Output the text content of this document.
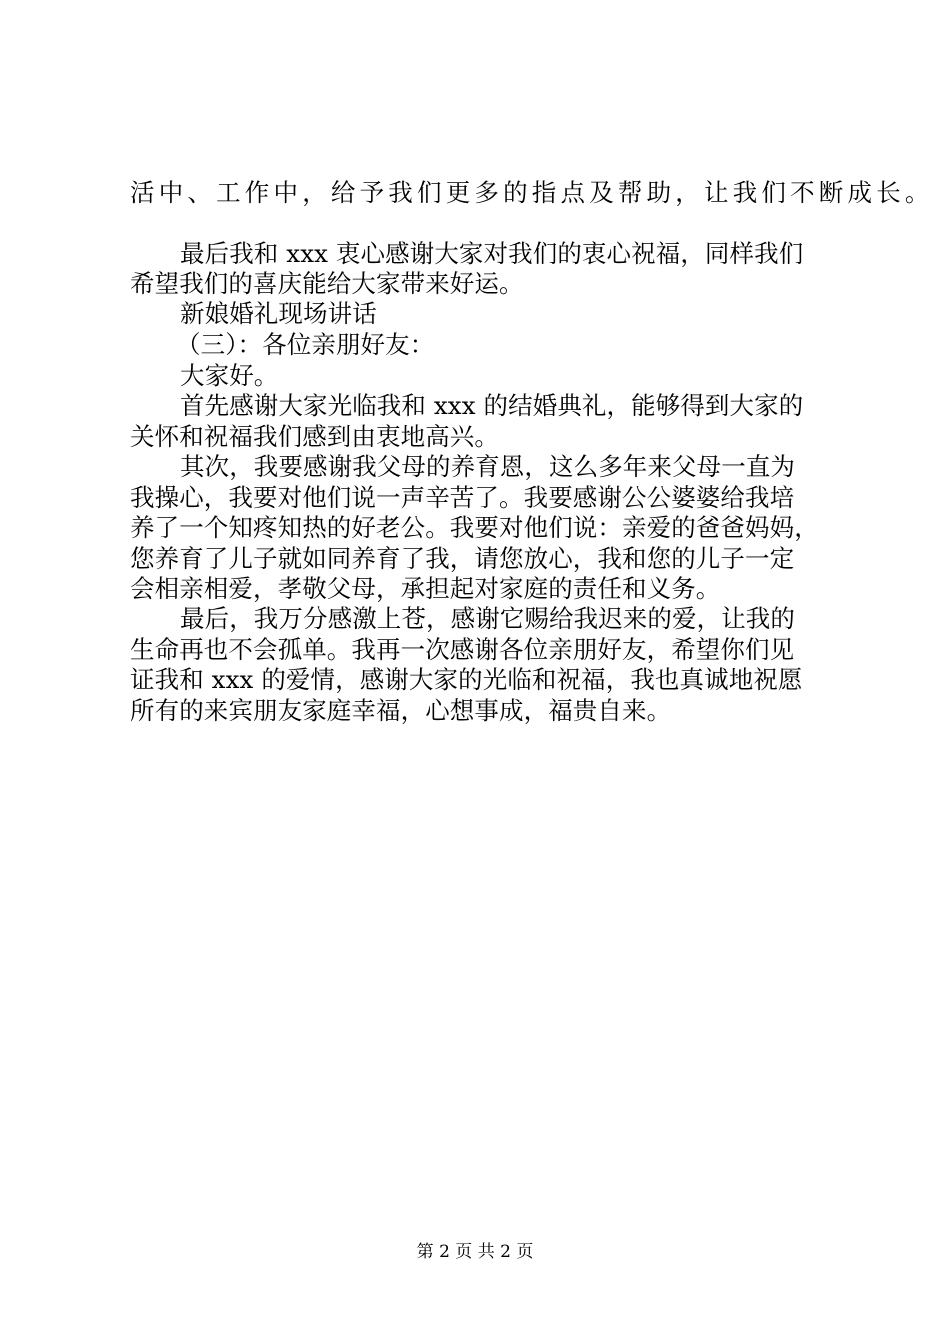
活中、工作中，给予我们更多的指点及帮助，让我们不断成长。

最后我和 xxx 衷心感谢大家对我们的衷心祝福，同样我们

希望我们的喜庆能给大家带来好运。

新娘婚礼现场讲话

（三）：各位亲朋好友：

大家好。

首先感谢大家光临我和 xxx 的结婚典礼，能够得到大家的

关怀和祝福我们感到由衷地高兴。

其次，我要感谢我父母的养育恩，这么多年来父母一直为

我操心，我要对他们说一声辛苦了。我要感谢公公婆婆给我培

养了一个知疼知热的好老公。我要对他们说：亲爱的爸爸妈妈，

您养育了儿子就如同养育了我，请您放心，我和您的儿子一定

会相亲相爱，孝敬父母，承担起对家庭的责任和义务。

最后，我万分感激上苍，感谢它赐给我迟来的爱，让我的

生命再也不会孤单。我再一次感谢各位亲朋好友，希望你们见

证我和 xxx 的爱情，感谢大家的光临和祝福，我也真诚地祝愿

所有的来宾朋友家庭幸福，心想事成，福贵自来。

第 2 页 共 2 页
